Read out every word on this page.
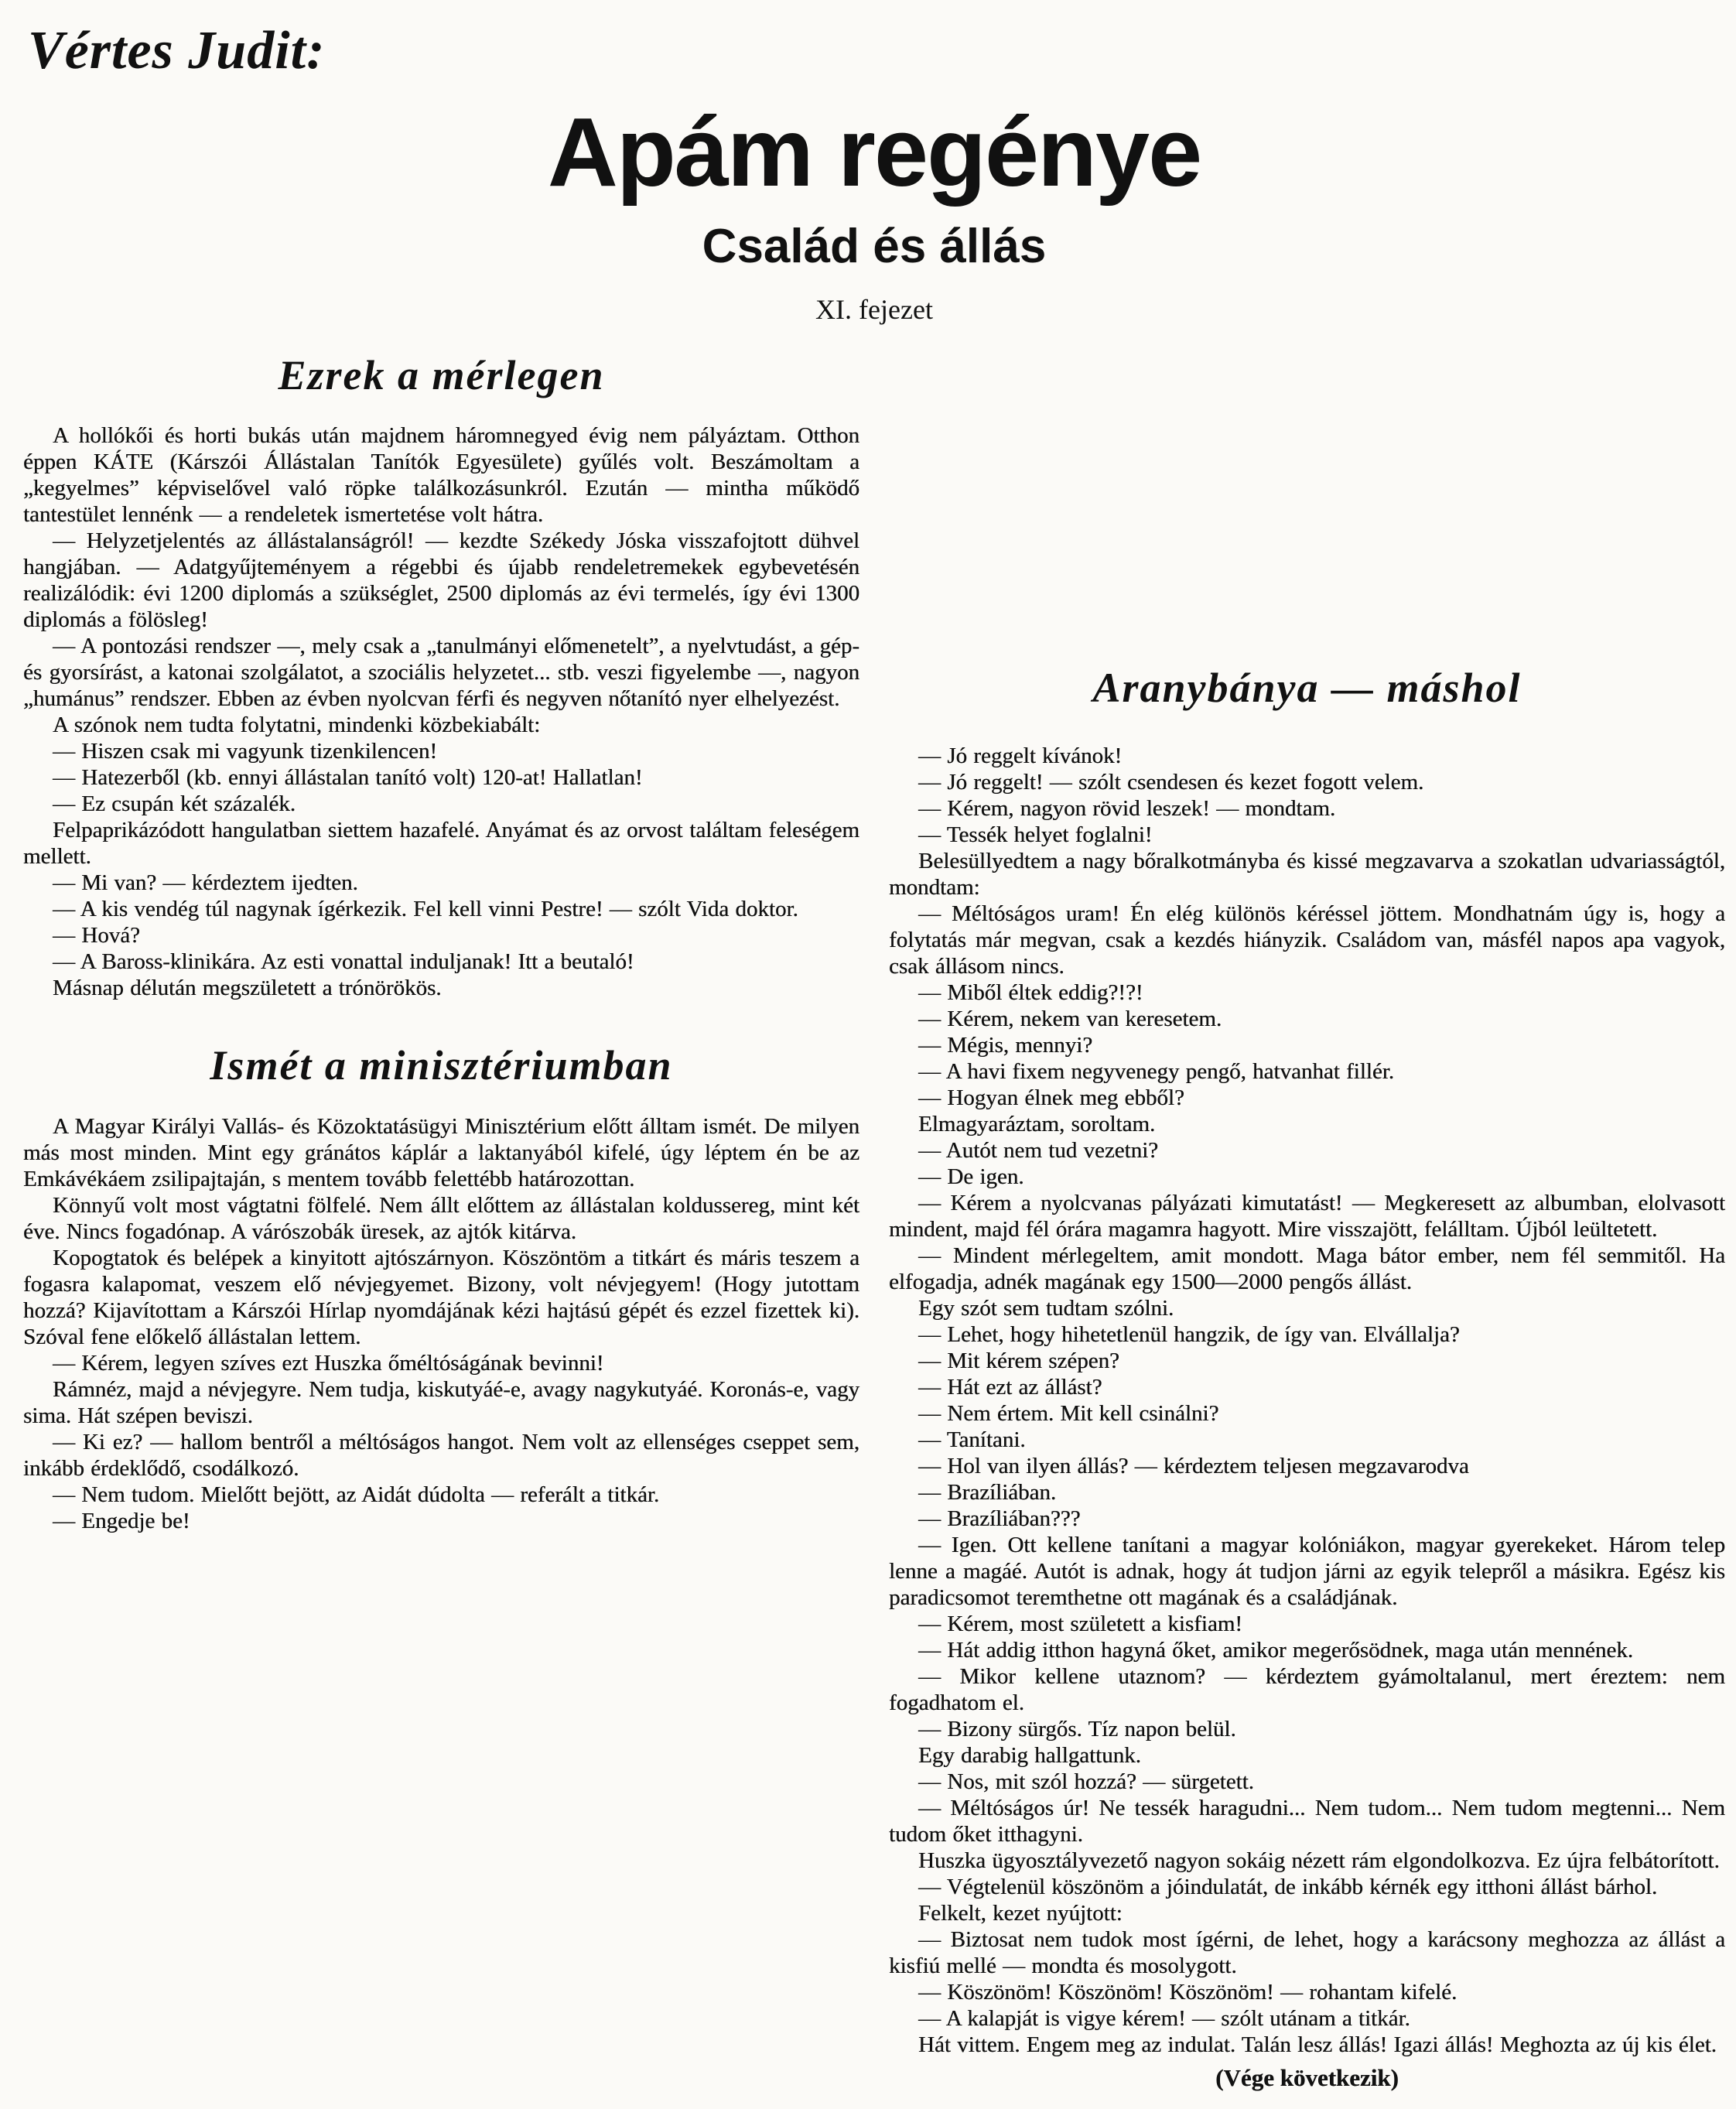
Vértes Judit:
Apám regénye
Család és állás
XI. fejezet
Ezrek a mérlegen

A hollókői és horti bukás után majdnem háromnegyed évig nem pályáztam. Otthon éppen KÁTE (Kárszói Állástalan Tanítók Egyesülete) gyűlés volt. Beszámoltam a „kegyelmes” képviselővel való röpke találkozásunkról. Ezután — mintha működő tantestület lennénk — a rendeletek ismertetése volt hátra.

— Helyzetjelentés az állástalanságról! — kezdte Székedy Jóska visszafojtott dühvel hangjában. — Adatgyűjteményem a régebbi és újabb rendeletremekek egybevetésén realizálódik: évi 1200 diplomás a szükséglet, 2500 diplomás az évi termelés, így évi 1300 diplomás a fölösleg!

— A pontozási rendszer —, mely csak a „tanulmányi előmenetelt”, a nyelvtudást, a gép- és gyorsírást, a katonai szolgálatot, a szociális helyzetet... stb. veszi figyelembe —, nagyon „humánus” rendszer. Ebben az évben nyolcvan férfi és negyven nőtanító nyer elhelyezést.

A szónok nem tudta folytatni, mindenki közbekiabált:

— Hiszen csak mi vagyunk tizenkilencen!

— Hatezerből (kb. ennyi állástalan tanító volt) 120-at! Hallatlan!

— Ez csupán két százalék.

Felpaprikázódott hangulatban siettem hazafelé. Anyámat és az orvost találtam feleségem mellett.

— Mi van? — kérdeztem ijedten.

— A kis vendég túl nagynak ígérkezik. Fel kell vinni Pestre! — szólt Vida doktor.

— Hová?

— A Baross-klinikára. Az esti vonattal induljanak! Itt a beutaló!

Másnap délután megszületett a trónörökös.

Ismét a minisztériumban

A Magyar Királyi Vallás- és Közoktatásügyi Minisztérium előtt álltam ismét. De milyen más most minden. Mint egy gránátos káplár a laktanyából kifelé, úgy léptem én be az Emkávékáem zsilipajtaján, s mentem tovább felettébb határozottan.

Könnyű volt most vágtatni fölfelé. Nem állt előttem az állástalan koldussereg, mint két éve. Nincs fogadónap. A várószobák üresek, az ajtók kitárva.

Kopogtatok és belépek a kinyitott ajtószárnyon. Köszöntöm a titkárt és máris teszem a fogasra kalapomat, veszem elő névjegyemet. Bizony, volt névjegyem! (Hogy jutottam hozzá? Kijavítottam a Kárszói Hírlap nyomdájának kézi hajtású gépét és ezzel fizettek ki). Szóval fene előkelő állástalan lettem.

— Kérem, legyen szíves ezt Huszka őméltóságának bevinni!

Rámnéz, majd a névjegyre. Nem tudja, kiskutyáé-e, avagy nagykutyáé. Koronás-e, vagy sima. Hát szépen beviszi.

— Ki ez? — hallom bentről a méltóságos hangot. Nem volt az ellenséges cseppet sem, inkább érdeklődő, csodálkozó.

— Nem tudom. Mielőtt bejött, az Aidát dúdolta — referált a titkár.

— Engedje be!

Aranybánya — máshol

— Jó reggelt kívánok!

— Jó reggelt! — szólt csendesen és kezet fogott velem.

— Kérem, nagyon rövid leszek! — mondtam.

— Tessék helyet foglalni!

Belesüllyedtem a nagy bőralkotmányba és kissé megzavarva a szokatlan udvariasságtól, mondtam:

— Méltóságos uram! Én elég különös kéréssel jöttem. Mondhatnám úgy is, hogy a folytatás már megvan, csak a kezdés hiányzik. Családom van, másfél napos apa vagyok, csak állásom nincs.

— Miből éltek eddig?!?!

— Kérem, nekem van keresetem.

— Mégis, mennyi?

— A havi fixem negyvenegy pengő, hatvanhat fillér.

— Hogyan élnek meg ebből?

Elmagyaráztam, soroltam.

— Autót nem tud vezetni?

— De igen.

— Kérem a nyolcvanas pályázati kimutatást! — Megkeresett az albumban, elolvasott mindent, majd fél órára magamra hagyott. Mire visszajött, felálltam. Újból leültetett.

— Mindent mérlegeltem, amit mondott. Maga bátor ember, nem fél semmitől. Ha elfogadja, adnék magának egy 1500—2000 pengős állást.

Egy szót sem tudtam szólni.

— Lehet, hogy hihetetlenül hangzik, de így van. Elvállalja?

— Mit kérem szépen?

— Hát ezt az állást?

— Nem értem. Mit kell csinálni?

— Tanítani.

— Hol van ilyen állás? — kérdeztem teljesen megzavarodva

— Brazíliában.

— Brazíliában???

— Igen. Ott kellene tanítani a magyar kolóniákon, magyar gyerekeket. Három telep lenne a magáé. Autót is adnak, hogy át tudjon járni az egyik telepről a másikra. Egész kis paradicsomot teremthetne ott magának és a családjának.

— Kérem, most született a kisfiam!

— Hát addig itthon hagyná őket, amikor megerősödnek, maga után mennének.

— Mikor kellene utaznom? — kérdeztem gyámoltalanul, mert éreztem: nem fogadhatom el.

— Bizony sürgős. Tíz napon belül.

Egy darabig hallgattunk.

— Nos, mit szól hozzá? — sürgetett.

— Méltóságos úr! Ne tessék haragudni... Nem tudom... Nem tudom megtenni... Nem tudom őket itthagyni.

Huszka ügyosztályvezető nagyon sokáig nézett rám elgondolkozva. Ez újra felbátorított.

— Végtelenül köszönöm a jóindulatát, de inkább kérnék egy itthoni állást bárhol.

Felkelt, kezet nyújtott:

— Biztosat nem tudok most ígérni, de lehet, hogy a karácsony meghozza az állást a kisfiú mellé — mondta és mosolygott.

— Köszönöm! Köszönöm! Köszönöm! — rohantam kifelé.

— A kalapját is vigye kérem! — szólt utánam a titkár.

Hát vittem. Engem meg az indulat. Talán lesz állás! Igazi állás! Meghozta az új kis élet.

(Vége következik)
